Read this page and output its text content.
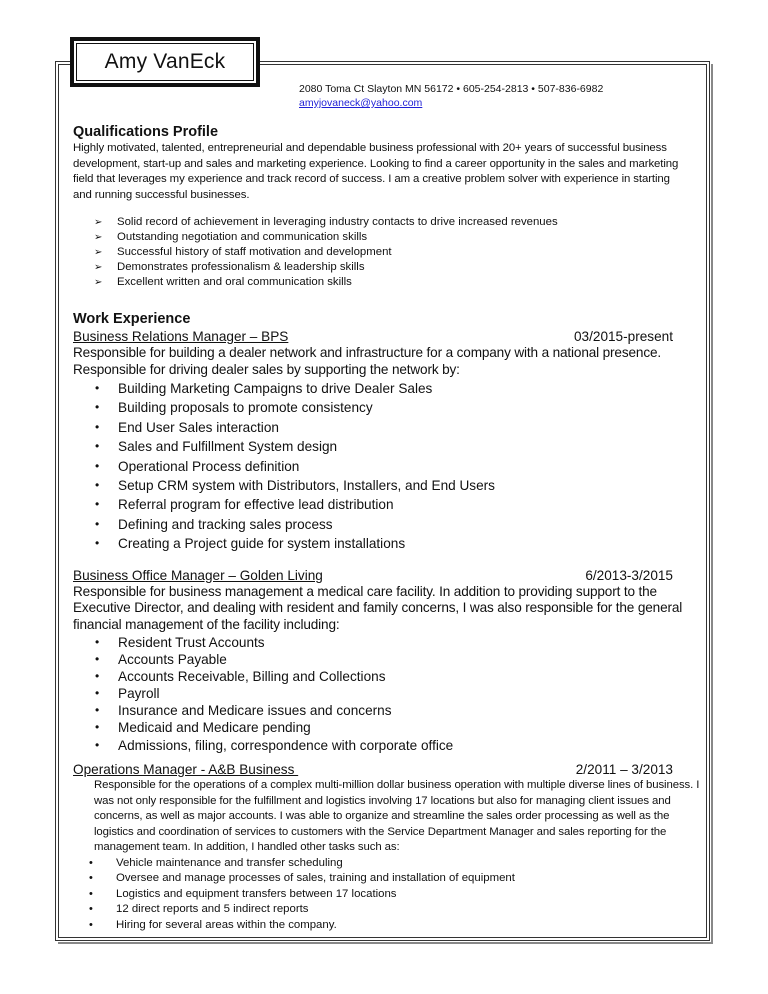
Amy VanEck
2080 Toma Ct Slayton MN 56172 • 605-254-2813 • 507-836-6982
amyjovaneck@yahoo.com
Qualifications Profile

Highly motivated, talented, entrepreneurial and dependable business professional with 20+ years of successful business development, start-up and sales and marketing experience. Looking to find a career opportunity in the sales and marketing field that leverages my experience and track record of success. I am a creative problem solver with experience in starting and running successful businesses.

➢	Solid record of achievement in leveraging industry contacts to drive increased revenues
➢	Outstanding negotiation and communication skills
➢	Successful history of staff motivation and development
➢	Demonstrates professionalism & leadership skills
➢	Excellent written and oral communication skills
Work Experience
Business Relations Manager – BPS	03/2015-present

Responsible for building a dealer network and infrastructure for a company with a national presence. Responsible for driving dealer sales by supporting the network by:

•	Building Marketing Campaigns to drive Dealer Sales
•	Building proposals to promote consistency
•	End User Sales interaction
•	Sales and Fulfillment System design
•	Operational Process definition
•	Setup CRM system with Distributors, Installers, and End Users
•	Referral program for effective lead distribution
•	Defining and tracking sales process
•	Creating a Project guide for system installations
Business Office Manager – Golden Living	6/2013-3/2015

Responsible for business management a medical care facility. In addition to providing support to the Executive Director, and dealing with resident and family concerns, I was also responsible for the general financial management of the facility including:

•	Resident Trust Accounts
•	Accounts Payable
•	Accounts Receivable, Billing and Collections
•	Payroll
•	Insurance and Medicare issues and concerns
•	Medicaid and Medicare pending
•	Admissions, filing, correspondence with corporate office
Operations Manager - A&B Business	2/2011 – 3/2013

Responsible for the operations of a complex multi-million dollar business operation with multiple diverse lines of business. I was not only responsible for the fulfillment and logistics involving 17 locations but also for managing client issues and concerns, as well as major accounts. I was able to organize and streamline the sales order processing as well as the logistics and coordination of services to customers with the Service Department Manager and sales reporting for the management team. In addition, I handled other tasks such as:

•	Vehicle maintenance and transfer scheduling
•	Oversee and manage processes of sales, training and installation of equipment
•	Logistics and equipment transfers between 17 locations
•	12 direct reports and 5 indirect reports
•	Hiring for several areas within the company.
